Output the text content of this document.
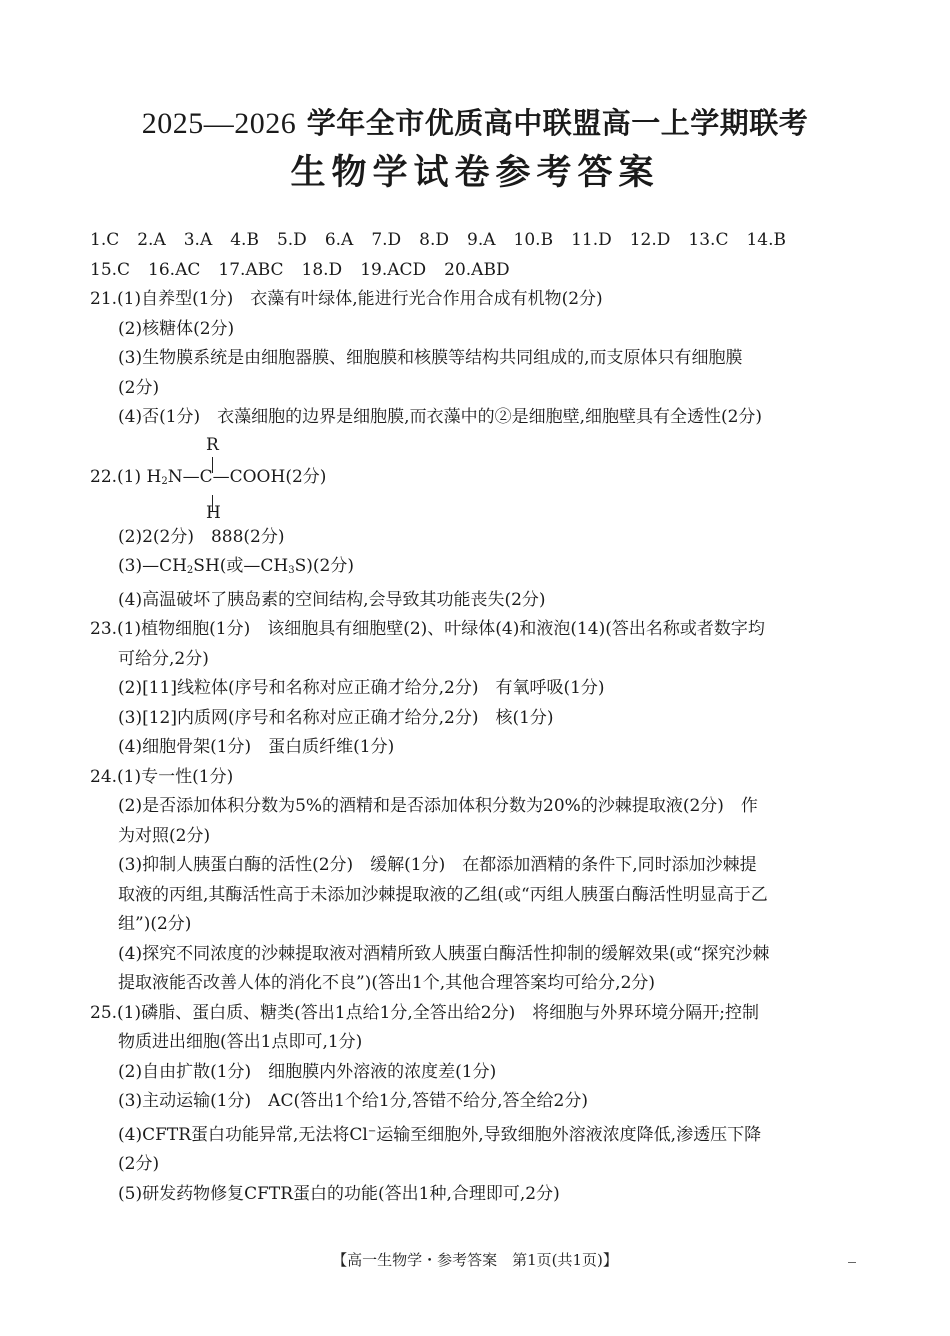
2025—2026 学年全市优质高中联盟高一上学期联考
生物学试卷参考答案
1.C 2.A 3.A 4.B 5.D 6.A 7.D 8.D 9.A 10.B 11.D 12.D 13.C 14.B
15.C 16.AC 17.ABC 18.D 19.ACD 20.ABD
21.(1)自养型(1分)　衣藻有叶绿体,能进行光合作用合成有机物(2分)
(2)核糖体(2分)
(3)生物膜系统是由细胞器膜、细胞膜和核膜等结构共同组成的,而支原体只有细胞膜
(2分)
(4)否(1分)　衣藻细胞的边界是细胞膜,而衣藻中的②是细胞壁,细胞壁具有全透性(2分)
R
22.(1) $H_2N—C—COOH(2$分)
H
(2)2(2分)　888(2分)
$(3)—CH_2SH$(或$—CH_3S)(2$分)
(4)高温破坏了胰岛素的空间结构,会导致其功能丧失(2分)
23.(1)植物细胞(1分)　该细胞具有细胞壁(2)、叶绿体(4)和液泡(14)(答出名称或者数字均
可给分,2分)
(2)[11]线粒体(序号和名称对应正确才给分,2分)　有氧呼吸(1分)
(3)[12]内质网(序号和名称对应正确才给分,2分)　核(1分)
(4)细胞骨架(1分)　蛋白质纤维(1分)
24.(1)专一性(1分)
(2)是否添加体积分数为5%的酒精和是否添加体积分数为20%的沙棘提取液(2分)　作
为对照(2分)
(3)抑制人胰蛋白酶的活性(2分)　缓解(1分)　在都添加酒精的条件下,同时添加沙棘提
取液的丙组,其酶活性高于未添加沙棘提取液的乙组(或“丙组人胰蛋白酶活性明显高于乙
组”)(2分)
(4)探究不同浓度的沙棘提取液对酒精所致人胰蛋白酶活性抑制的缓解效果(或“探究沙棘
提取液能否改善人体的消化不良”)(答出1个,其他合理答案均可给分,2分)
25.(1)磷脂、蛋白质、糖类(答出1点给1分,全答出给2分)　将细胞与外界环境分隔开;控制
物质进出细胞(答出1点即可,1分)
(2)自由扩散(1分)　细胞膜内外溶液的浓度差(1分)
(3)主动运输(1分)　AC(答出1个给1分,答错不给分,答全给2分)
(4)CFTR蛋白功能异常,无法将Cl−运输至细胞外,导致细胞外溶液浓度降低,渗透压下降
(2分)
(5)研发药物修复CFTR蛋白的功能(答出1种,合理即可,2分)
【高一生物学・参考答案　第1页(共1页)】
